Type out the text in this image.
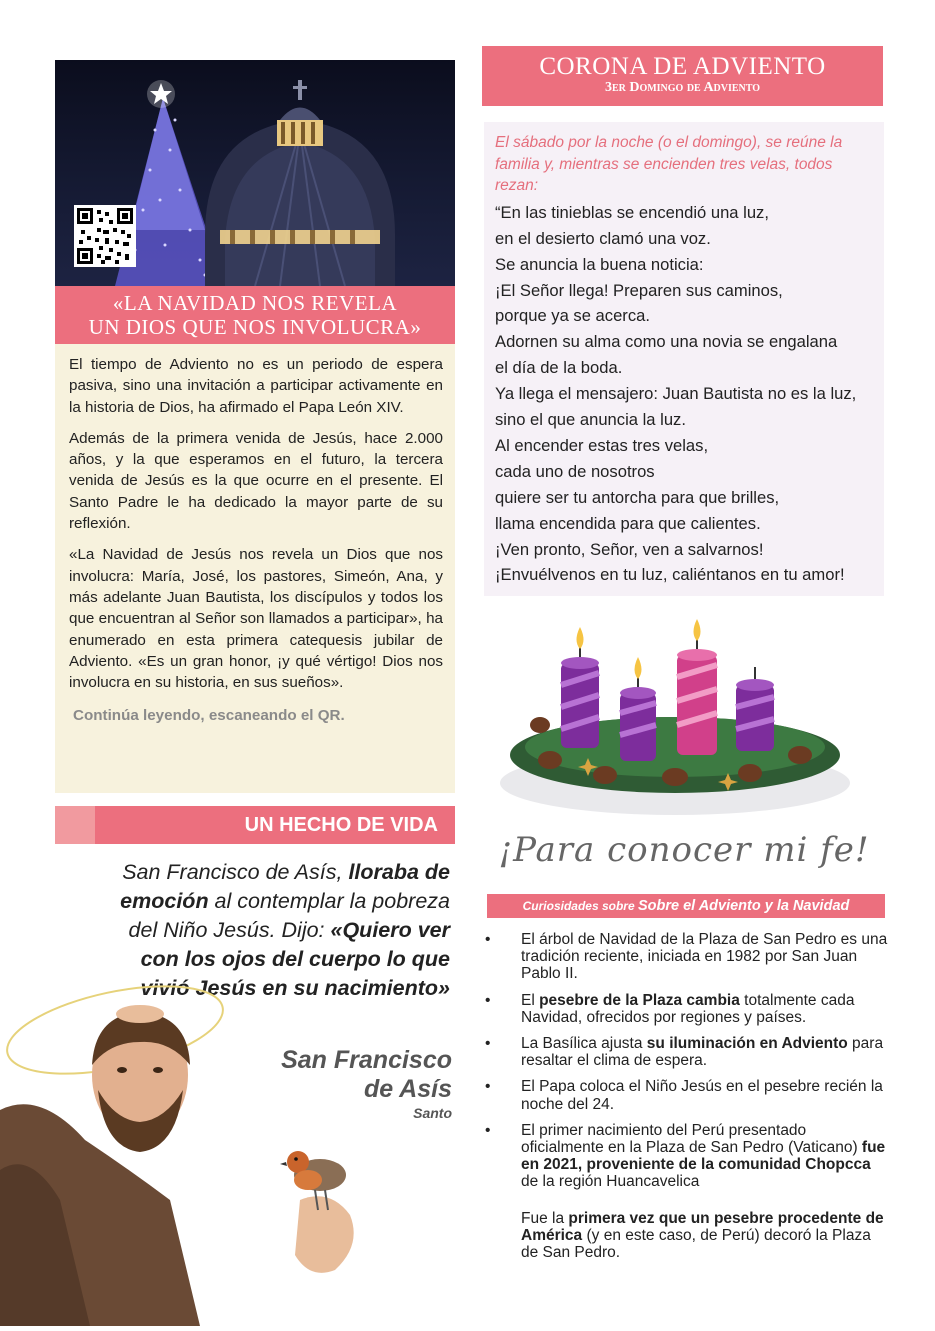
«LA NAVIDAD NOS REVELA
UN DIOS QUE NOS INVOLUCRA»

El tiempo de Adviento no es un periodo de espera pasiva, sino una invitación a participar activamente en la historia de Dios, ha afirmado el Papa León XIV.

Además de la primera venida de Jesús, hace 2.000 años, y la que esperamos en el futuro, la tercera venida de Jesús es la que ocurre en el presente. El Santo Padre le ha dedicado la mayor parte de su reflexión.

«La Navidad de Jesús nos revela un Dios que nos involucra: María, José, los pastores, Simeón, Ana, y más adelante Juan Bautista, los discípulos y todos los que encuentran al Señor son llamados a participar», ha enumerado en esta primera catequesis jubilar de Adviento. «Es un gran honor, ¡y qué vértigo! Dios nos involucra en su historia, en sus sueños».

Continúa leyendo, escaneando el QR.
UN HECHO DE VIDA
San Francisco de Asís, lloraba de emoción al contemplar la pobreza del Niño Jesús. Dijo: «Quiero ver con los ojos del cuerpo lo que vivió Jesús en su nacimiento»
San Francisco
de Asís
Santo
CORONA DE ADVIENTO
3er Domingo de Adviento

El sábado por la noche (o el domingo), se reúne la familia y, mientras se encienden tres velas, todos rezan:

“En las tinieblas se encendió una luz,
en el desierto clamó una voz.
Se anuncia la buena noticia:
¡El Señor llega! Preparen sus caminos,
porque ya se acerca.
Adornen su alma como una novia se engalana
el día de la boda.
Ya llega el mensajero: Juan Bautista no es la luz,
sino el que anuncia la luz.
Al encender estas tres velas,
cada uno de nosotros
quiere ser tu antorcha para que brilles,
llama encendida para que calientes.
¡Ven pronto, Señor, ven a salvarnos!
¡Envuélvenos en tu luz, caliéntanos en tu amor!
¡Para conocer mi fe!
Curiosidades sobre Sobre el Adviento y la Navidad
• El árbol de Navidad de la Plaza de San Pedro es una tradición reciente, iniciada en 1982 por San Juan Pablo II.
• El pesebre de la Plaza cambia totalmente cada Navidad, ofrecidos por regiones y países.
• La Basílica ajusta su iluminación en Adviento para resaltar el clima de espera.
• El Papa coloca el Niño Jesús en el pesebre recién la noche del 24.
• El primer nacimiento del Perú presentado oficialmente en la Plaza de San Pedro (Vaticano) fue en 2021, proveniente de la comunidad Chopcca de la región Huancavelica
Fue la primera vez que un pesebre procedente de América (y en este caso, de Perú) decoró la Plaza de San Pedro.
